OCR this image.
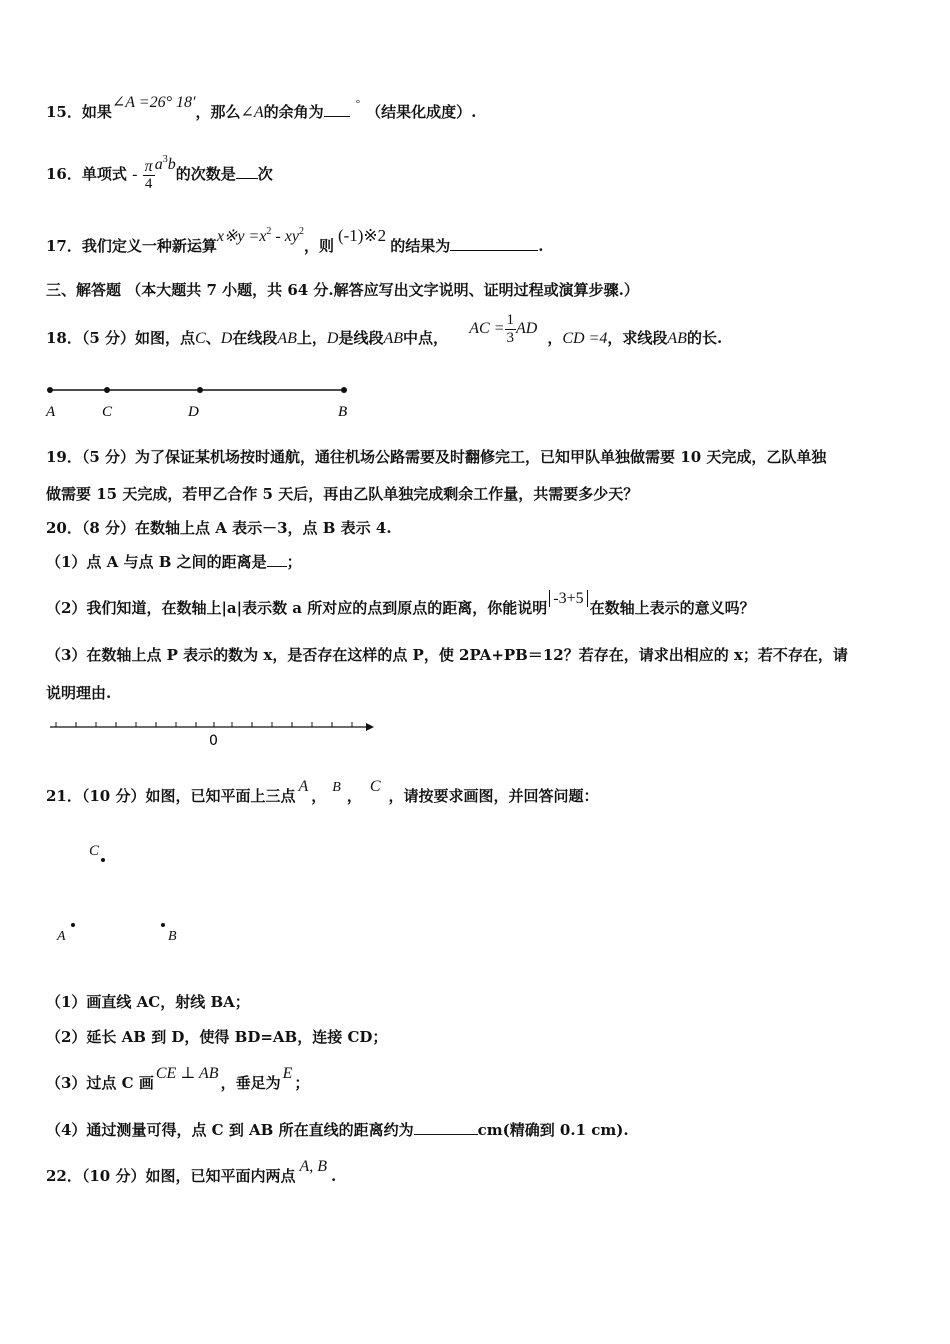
15．如果∠A =26° 18′，那么∠A的余角为	° （结果化成度）.
16．单项式 - $\frac{\pi}{4} a^3b$的次数是 次
17．我们定义一种新运算x※y $=x^2 - xy^2$，则(-1)※2的结果为	.
三、解答题 （本大题共 7 小题，共 64 分.解答应写出文字说明、证明过程或演算步骤.）
18．（5 分）如图，点C、D在线段AB上，D是线段AB中点， AC = $\frac{1}{3}$ AD，CD =4，求线段AB的长.
A	C	D	B
19．（5 分）为了保证某机场按时通航，通往机场公路需要及时翻修完工，已知甲队单独做需要 10 天完成，乙队单独
做需要 15 天完成，若甲乙合作 5 天后，再由乙队单独完成剩余工作量，共需要多少天？
20．（8 分）在数轴上点 A 表示－3，点 B 表示 4.
（1）点 A 与点 B 之间的距离是 ；
（2）我们知道，在数轴上|a|表示数 a 所对应的点到原点的距离，你能说明-3+5在数轴上表示的意义吗？
（3）在数轴上点 P 表示的数为 x，是否存在这样的点 P，使 2PA+PB＝12？若存在，请求出相应的 x；若不存在，请
说明理由.
0
21．（10 分）如图，已知平面上三点A， B ，C，请按要求画图，并回答问题：
C
A	B
（1）画直线 AC，射线 BA；
（2）延长 AB 到 D，使得 BD=AB，连接 CD；
（3）过点 C 画CE ⊥ AB，垂足为E；
（4）通过测量可得，点 C 到 AB 所在直线的距离约为	cm(精确到 0.1 cm).
22．（10 分）如图，已知平面内两点A, B.
